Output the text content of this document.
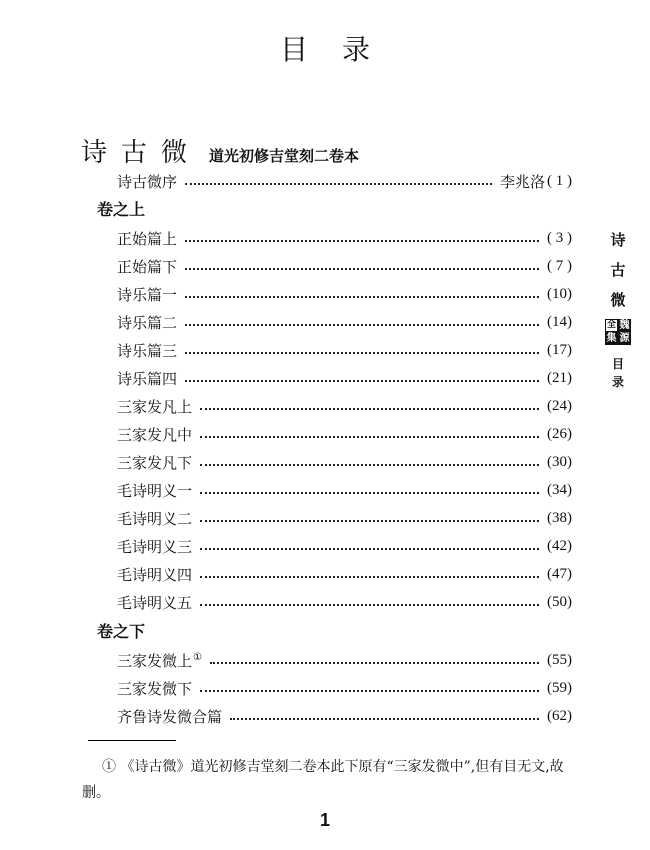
目录
诗古微 道光初修吉堂刻二卷本
诗古微序	李兆洛 ( 1 )
卷之上
正始篇上	( 3 )
正始篇下	( 7 )
诗乐篇一	(10)
诗乐篇二	(14)
诗乐篇三	(17)
诗乐篇四	(21)
三家发凡上	(24)
三家发凡中	(26)
三家发凡下	(30)
毛诗明义一	(34)
毛诗明义二	(38)
毛诗明义三	(42)
毛诗明义四	(47)
毛诗明义五	(50)
卷之下
三家发微上①	(55)
三家发微下	(59)
齐鲁诗发微合篇	(62)
① 《诗古微》道光初修吉堂刻二卷本此下原有“三家发微中”,但有目无文,故删。
1
诗
古
微
全 魏
集 源
目
录
